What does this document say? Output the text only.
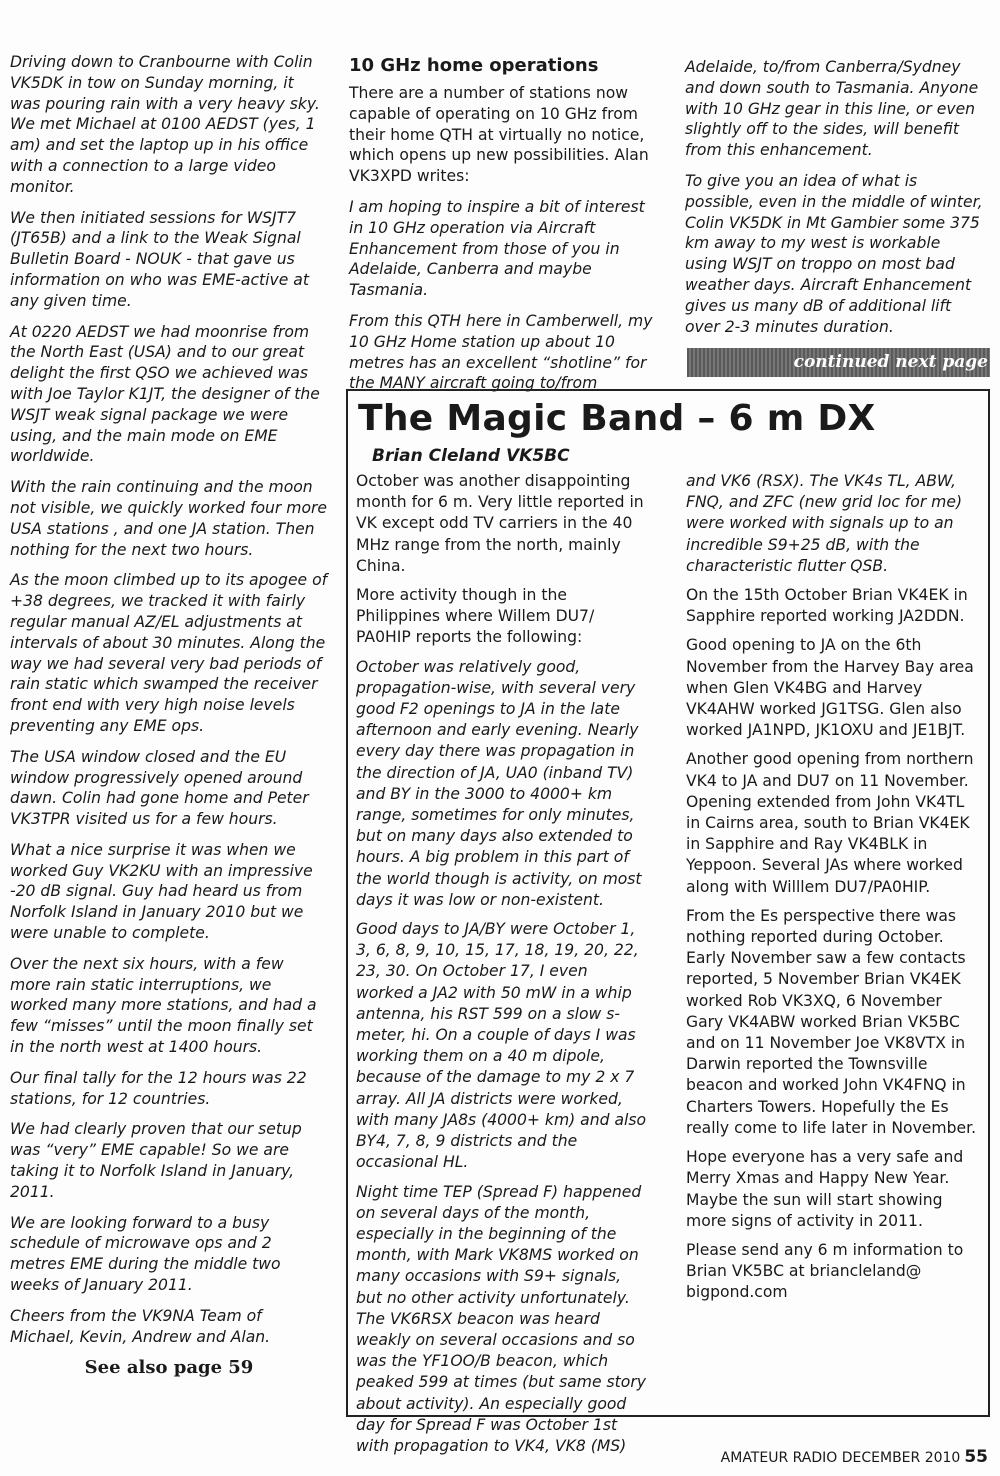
Driving down to Cranbourne with Colin VK5DK in tow on Sunday morning, it was pouring rain with a very heavy sky. We met Michael at 0100 AEDST (yes, 1 am) and set the laptop up in his office with a connection to a large video monitor.

We then initiated sessions for WSJT7 (JT65B) and a link to the Weak Signal Bulletin Board - NOUK - that gave us information on who was EME-active at any given time.

At 0220 AEDST we had moonrise from the North East (USA) and to our great delight the first QSO we achieved was with Joe Taylor K1JT, the designer of the WSJT weak signal package we were using, and the main mode on EME worldwide.

With the rain continuing and the moon not visible, we quickly worked four more USA stations , and one JA station. Then nothing for the next two hours.

As the moon climbed up to its apogee of +38 degrees, we tracked it with fairly regular manual AZ/EL adjustments at intervals of about 30 minutes. Along the way we had several very bad periods of rain static which swamped the receiver front end with very high noise levels preventing any EME ops.

The USA window closed and the EU window progressively opened around dawn. Colin had gone home and Peter VK3TPR visited us for a few hours.

What a nice surprise it was when we worked Guy VK2KU with an impressive -20 dB signal. Guy had heard us from Norfolk Island in January 2010 but we were unable to complete.

Over the next six hours, with a few more rain static interruptions, we worked many more stations, and had a few “misses” until the moon finally set in the north west at 1400 hours.

Our final tally for the 12 hours was 22 stations, for 12 countries.

We had clearly proven that our setup was “very” EME capable! So we are taking it to Norfolk Island in January, 2011.

We are looking forward to a busy schedule of microwave ops and 2 metres EME during the middle two weeks of January 2011.

Cheers from the VK9NA Team of Michael, Kevin, Andrew and Alan.

See also page 59
10 GHz home operations

There are a number of stations now capable of operating on 10 GHz from their home QTH at virtually no notice, which opens up new possibilities. Alan VK3XPD writes:

I am hoping to inspire a bit of interest in 10 GHz operation via Aircraft Enhancement from those of you in Adelaide, Canberra and maybe Tasmania.

From this QTH here in Camberwell, my 10 GHz Home station up about 10 metres has an excellent “shotline” for the MANY aircraft going to/from

Adelaide, to/from Canberra/Sydney and down south to Tasmania. Anyone with 10 GHz gear in this line, or even slightly off to the sides, will benefit from this enhancement.

To give you an idea of what is possible, even in the middle of winter, Colin VK5DK in Mt Gambier some 375 km away to my west is workable using WSJT on troppo on most bad weather days. Aircraft Enhancement gives us many dB of additional lift over 2-3 minutes duration.

continued next page
The Magic Band – 6 m DX
Brian Cleland VK5BC

October was another disappointing month for 6 m. Very little reported in VK except odd TV carriers in the 40 MHz range from the north, mainly China.

More activity though in the Philippines where Willem DU7/ PA0HIP reports the following:

October was relatively good, propagation-wise, with several very good F2 openings to JA in the late afternoon and early evening. Nearly every day there was propagation in the direction of JA, UA0 (inband TV) and BY in the 3000 to 4000+ km range, sometimes for only minutes, but on many days also extended to hours. A big problem in this part of the world though is activity, on most days it was low or non-existent.

Good days to JA/BY were October 1, 3, 6, 8, 9, 10, 15, 17, 18, 19, 20, 22, 23, 30. On October 17, I even worked a JA2 with 50 mW in a whip antenna, his RST 599 on a slow s-meter, hi. On a couple of days I was working them on a 40 m dipole, because of the damage to my 2 x 7 array. All JA districts were worked, with many JA8s (4000+ km) and also BY4, 7, 8, 9 districts and the occasional HL.

Night time TEP (Spread F) happened on several days of the month, especially in the beginning of the month, with Mark VK8MS worked on many occasions with S9+ signals, but no other activity unfortunately. The VK6RSX beacon was heard weakly on several occasions and so was the YF1OO/B beacon, which peaked 599 at times (but same story about activity). An especially good day for Spread F was October 1st with propagation to VK4, VK8 (MS)

and VK6 (RSX). The VK4s TL, ABW, FNQ, and ZFC (new grid loc for me) were worked with signals up to an incredible S9+25 dB, with the characteristic flutter QSB.

On the 15th October Brian VK4EK in Sapphire reported working JA2DDN.

Good opening to JA on the 6th November from the Harvey Bay area when Glen VK4BG and Harvey VK4AHW worked JG1TSG. Glen also worked JA1NPD, JK1OXU and JE1BJT.

Another good opening from northern VK4 to JA and DU7 on 11 November. Opening extended from John VK4TL in Cairns area, south to Brian VK4EK in Sapphire and Ray VK4BLK in Yeppoon. Several JAs where worked along with Willlem DU7/PA0HIP.

From the Es perspective there was nothing reported during October. Early November saw a few contacts reported, 5 November Brian VK4EK worked Rob VK3XQ, 6 November Gary VK4ABW worked Brian VK5BC and on 11 November Joe VK8VTX in Darwin reported the Townsville beacon and worked John VK4FNQ in Charters Towers. Hopefully the Es really come to life later in November.

Hope everyone has a very safe and Merry Xmas and Happy New Year. Maybe the sun will start showing more signs of activity in 2011.

Please send any 6 m information to Brian VK5BC at briancleland@ bigpond.com

AMATEUR RADIO DECEMBER 2010 55
